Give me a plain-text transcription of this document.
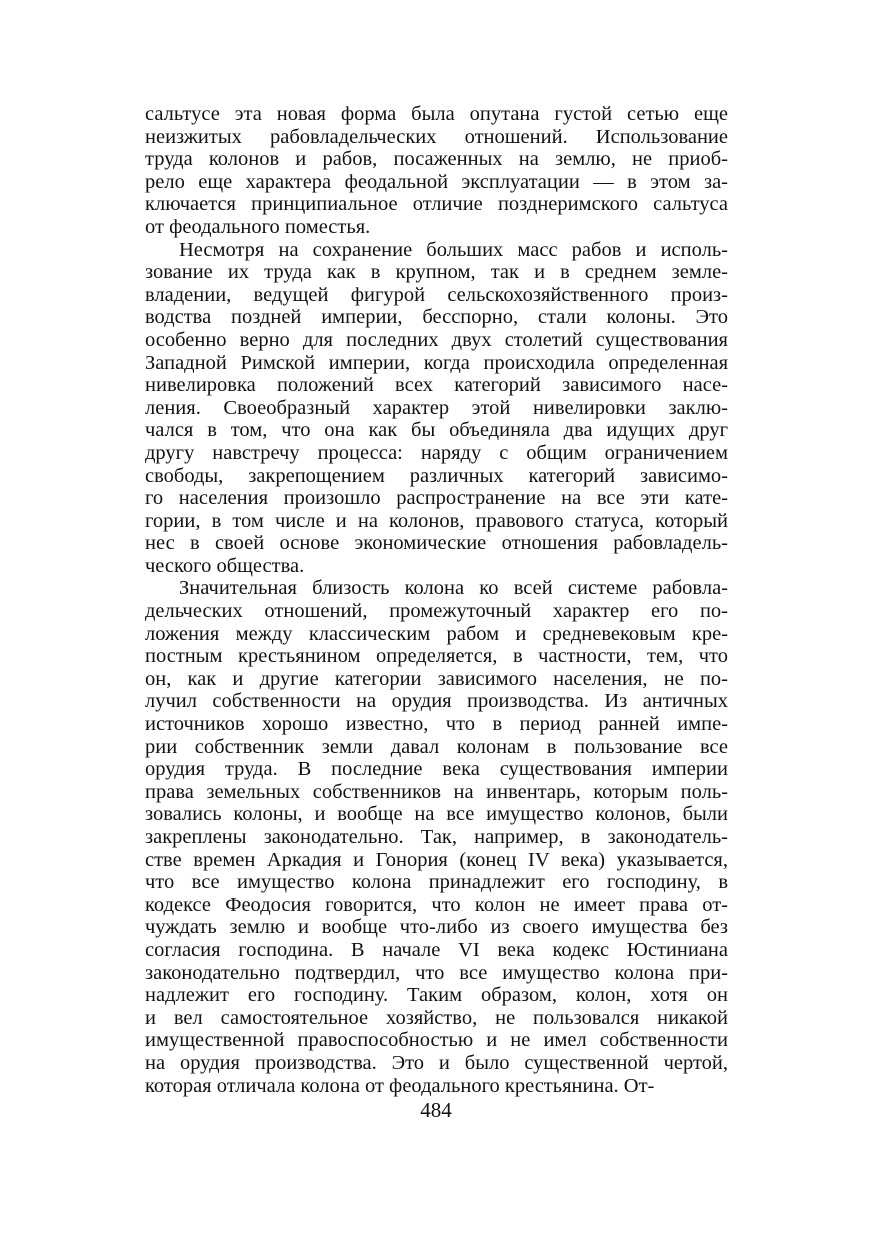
сальтусе эта новая форма была опутана густой сетью еще
неизжитых рабовладельческих отношений. Использование
труда колонов и рабов, посаженных на землю, не приоб-
рело еще характера феодальной эксплуатации — в этом за-
ключается принципиальное отличие позднеримского сальтуса
от феодального поместья.
Несмотря на сохранение больших масс рабов и исполь-
зование их труда как в крупном, так и в среднем земле-
владении, ведущей фигурой сельскохозяйственного произ-
водства поздней империи, бесспорно, стали колоны. Это
особенно верно для последних двух столетий существования
Западной Римской империи, когда происходила определенная
нивелировка положений всех категорий зависимого насе-
ления. Своеобразный характер этой нивелировки заклю-
чался в том, что она как бы объединяла два идущих друг
другу навстречу процесса: наряду с общим ограничением
свободы, закрепощением различных категорий зависимо-
го населения произошло распространение на все эти кате-
гории, в том числе и на колонов, правового статуса, который
нес в своей основе экономические отношения рабовладель-
ческого общества.
Значительная близость колона ко всей системе рабовла-
дельческих отношений, промежуточный характер его по-
ложения между классическим рабом и средневековым кре-
постным крестьянином определяется, в частности, тем, что
он, как и другие категории зависимого населения, не по-
лучил собственности на орудия производства. Из античных
источников хорошо известно, что в период ранней импе-
рии собственник земли давал колонам в пользование все
орудия труда. В последние века существования империи
права земельных собственников на инвентарь, которым поль-
зовались колоны, и вообще на все имущество колонов, были
закреплены законодательно. Так, например, в законодатель-
стве времен Аркадия и Гонория (конец IV века) указывается,
что все имущество колона принадлежит его господину, в
кодексе Феодосия говорится, что колон не имеет права от-
чуждать землю и вообще что-либо из своего имущества без
согласия господина. В начале VI века кодекс Юстиниана
законодательно подтвердил, что все имущество колона при-
надлежит его господину. Таким образом, колон, хотя он
и вел самостоятельное хозяйство, не пользовался никакой
имущественной правоспособностью и не имел собственности
на орудия производства. Это и было существенной чертой,
которая отличала колона от феодального крестьянина. От-
484
